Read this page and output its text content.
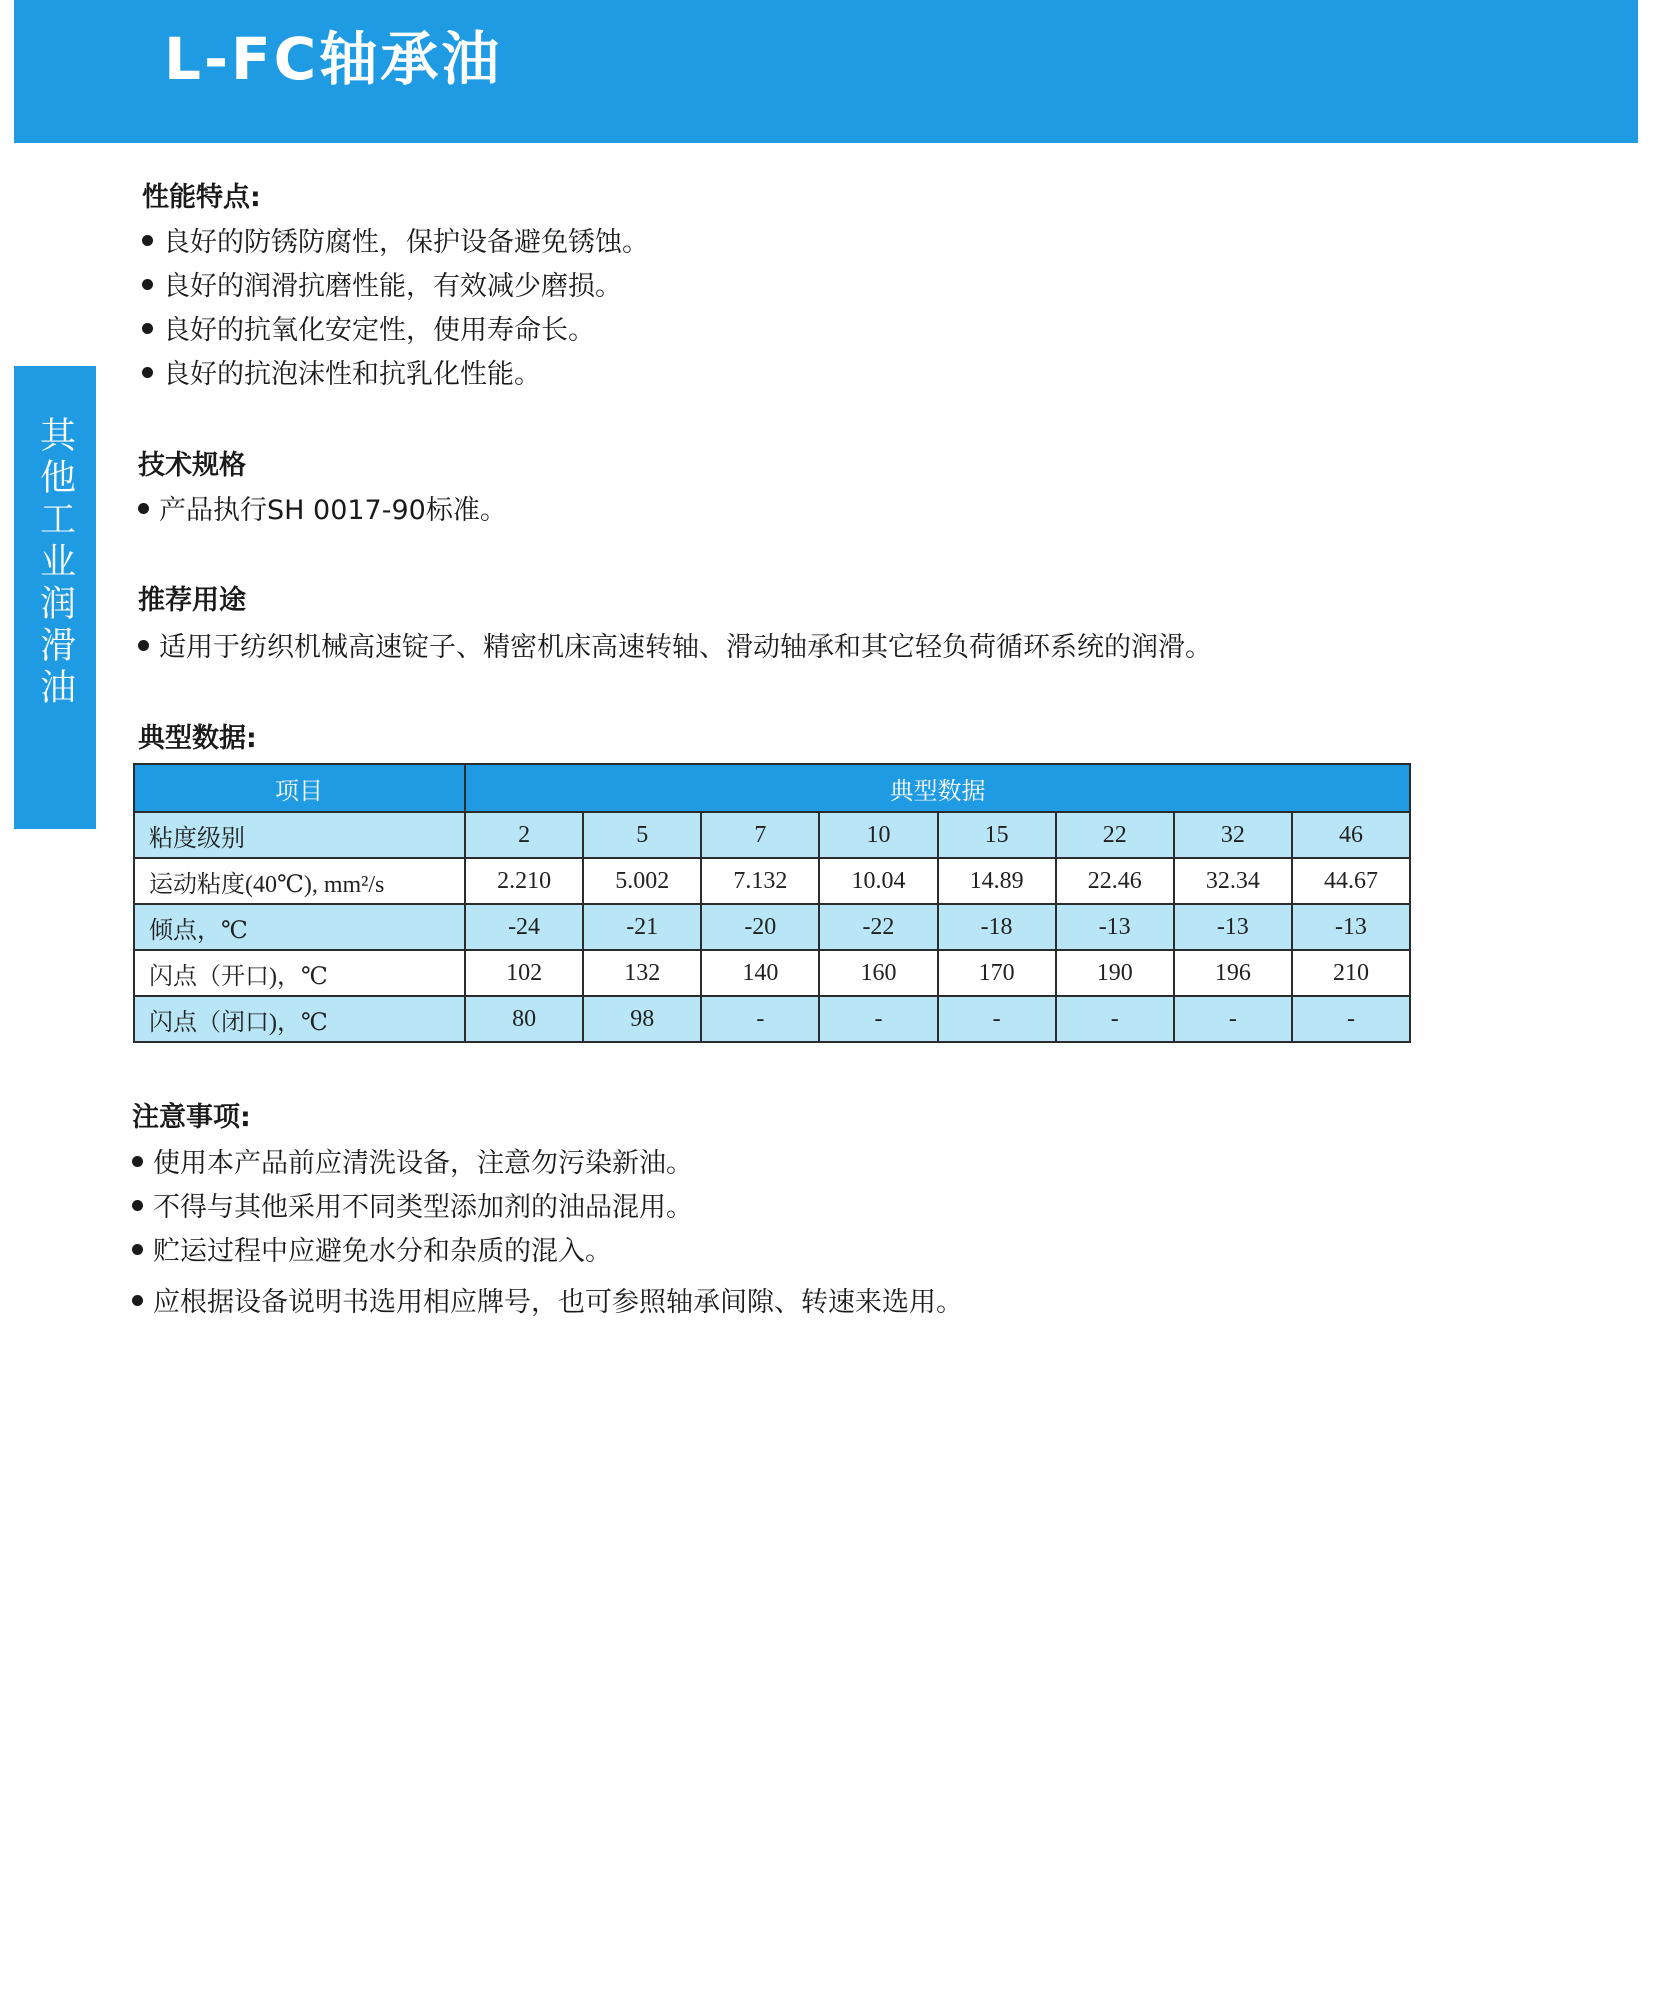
L-FC轴承油
其他工业润滑油
性能特点:
良好的防锈防腐性，保护设备避免锈蚀。
良好的润滑抗磨性能，有效减少磨损。
良好的抗氧化安定性，使用寿命长。
良好的抗泡沫性和抗乳化性能。
技术规格
产品执行SH 0017-90标准。
推荐用途
适用于纺织机械高速锭子、精密机床高速转轴、滑动轴承和其它轻负荷循环系统的润滑。
典型数据:
项目	典型数据							
粘度级别	2	5	7	10	15	22	32	46
运动粘度(40℃), mm²/s	2.210	5.002	7.132	10.04	14.89	22.46	32.34	44.67
倾点，℃	-24	-21	-20	-22	-18	-13	-13	-13
闪点（开口)，℃	102	132	140	160	170	190	196	210
闪点（闭口)，℃	80	98	-	-	-	-	-	-
注意事项:
使用本产品前应清洗设备，注意勿污染新油。
不得与其他采用不同类型添加剂的油品混用。
贮运过程中应避免水分和杂质的混入。
应根据设备说明书选用相应牌号，也可参照轴承间隙、转速来选用。
